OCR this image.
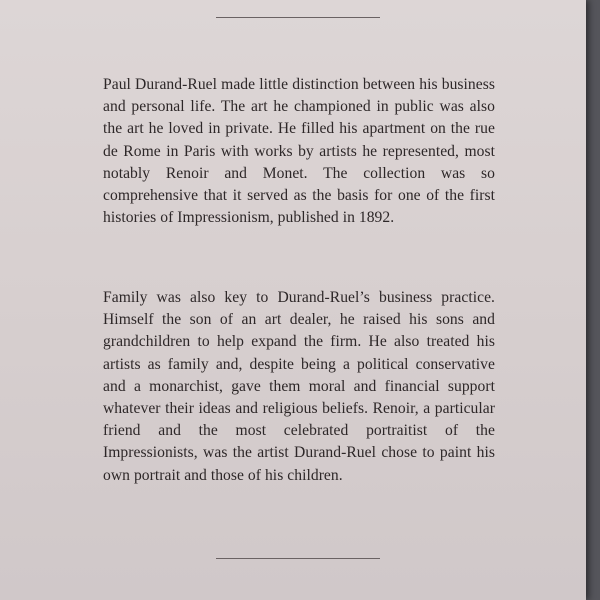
Paul Durand-Ruel made little distinction between his business and personal life. The art he championed in public was also the art he loved in private. He filled his apartment on the rue de Rome in Paris with works by artists he represented, most notably Renoir and Monet. The collection was so comprehensive that it served as the basis for one of the first histories of Impressionism, published in 1892.

Family was also key to Durand-Ruel’s business practice. Himself the son of an art dealer, he raised his sons and grandchildren to help expand the firm. He also treated his artists as family and, despite being a political conservative and a monarchist, gave them moral and financial support whatever their ideas and religious beliefs. Renoir, a particular friend and the most celebrated portraitist of the Impressionists, was the artist Durand-Ruel chose to paint his own portrait and those of his children.
